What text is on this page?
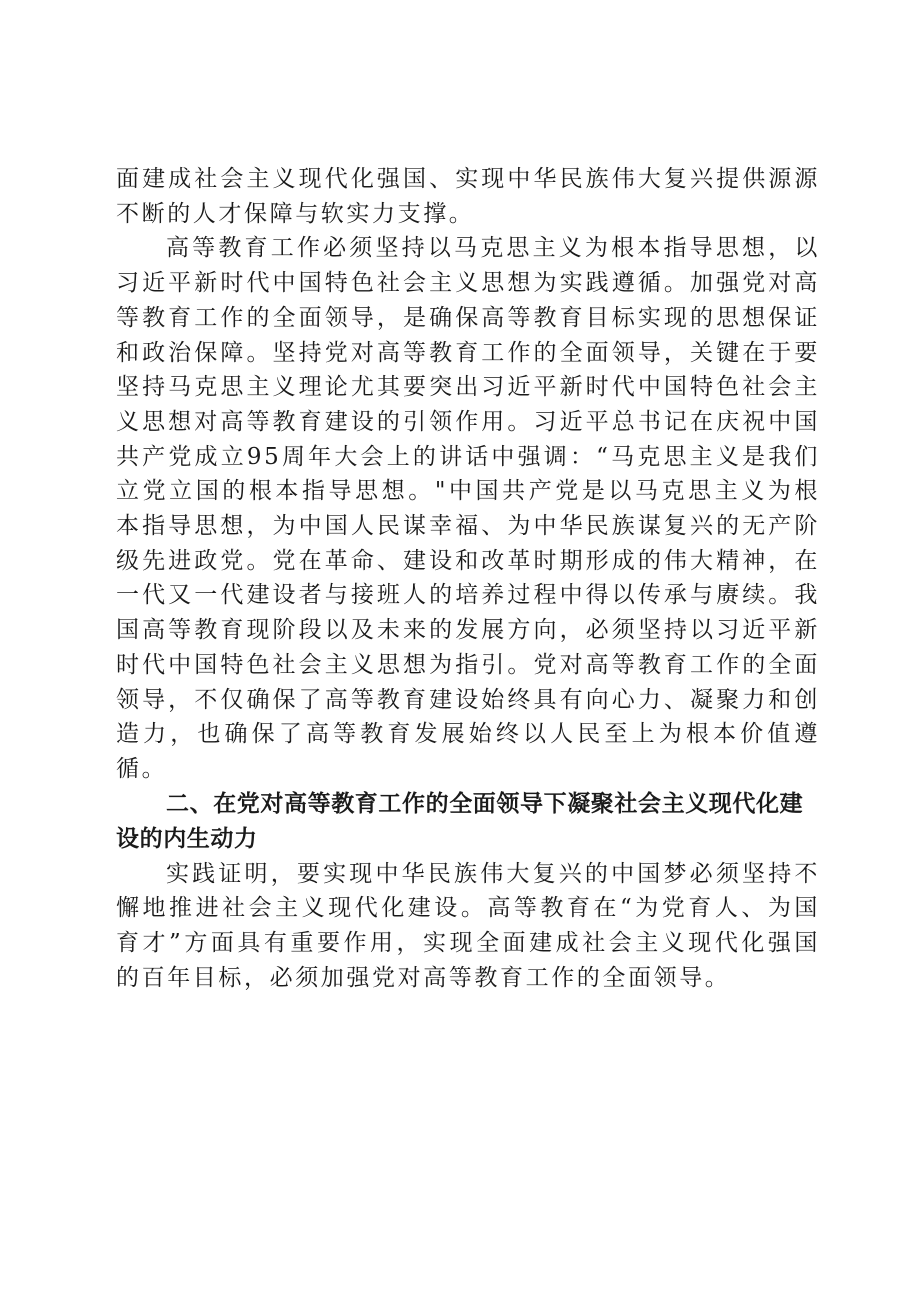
面建成社会主义现代化强国、实现中华民族伟大复兴提供源源不断的人才保障与软实力支撑。

高等教育工作必须坚持以马克思主义为根本指导思想，以习近平新时代中国特色社会主义思想为实践遵循。加强党对高等教育工作的全面领导，是确保高等教育目标实现的思想保证和政治保障。坚持党对高等教育工作的全面领导，关键在于要坚持马克思主义理论尤其要突出习近平新时代中国特色社会主义思想对高等教育建设的引领作用。习近平总书记在庆祝中国共产党成立95周年大会上的讲话中强调：“马克思主义是我们立党立国的根本指导思想。"中国共产党是以马克思主义为根本指导思想，为中国人民谋幸福、为中华民族谋复兴的无产阶级先进政党。党在革命、建设和改革时期形成的伟大精神，在一代又一代建设者与接班人的培养过程中得以传承与赓续。我国高等教育现阶段以及未来的发展方向，必须坚持以习近平新时代中国特色社会主义思想为指引。党对高等教育工作的全面领导，不仅确保了高等教育建设始终具有向心力、凝聚力和创造力，也确保了高等教育发展始终以人民至上为根本价值遵循。

二、在党对高等教育工作的全面领导下凝聚社会主义现代化建设的内生动力

实践证明，要实现中华民族伟大复兴的中国梦必须坚持不懈地推进社会主义现代化建设。高等教育在“为党育人、为国育才”方面具有重要作用，实现全面建成社会主义现代化强国的百年目标，必须加强党对高等教育工作的全面领导。
